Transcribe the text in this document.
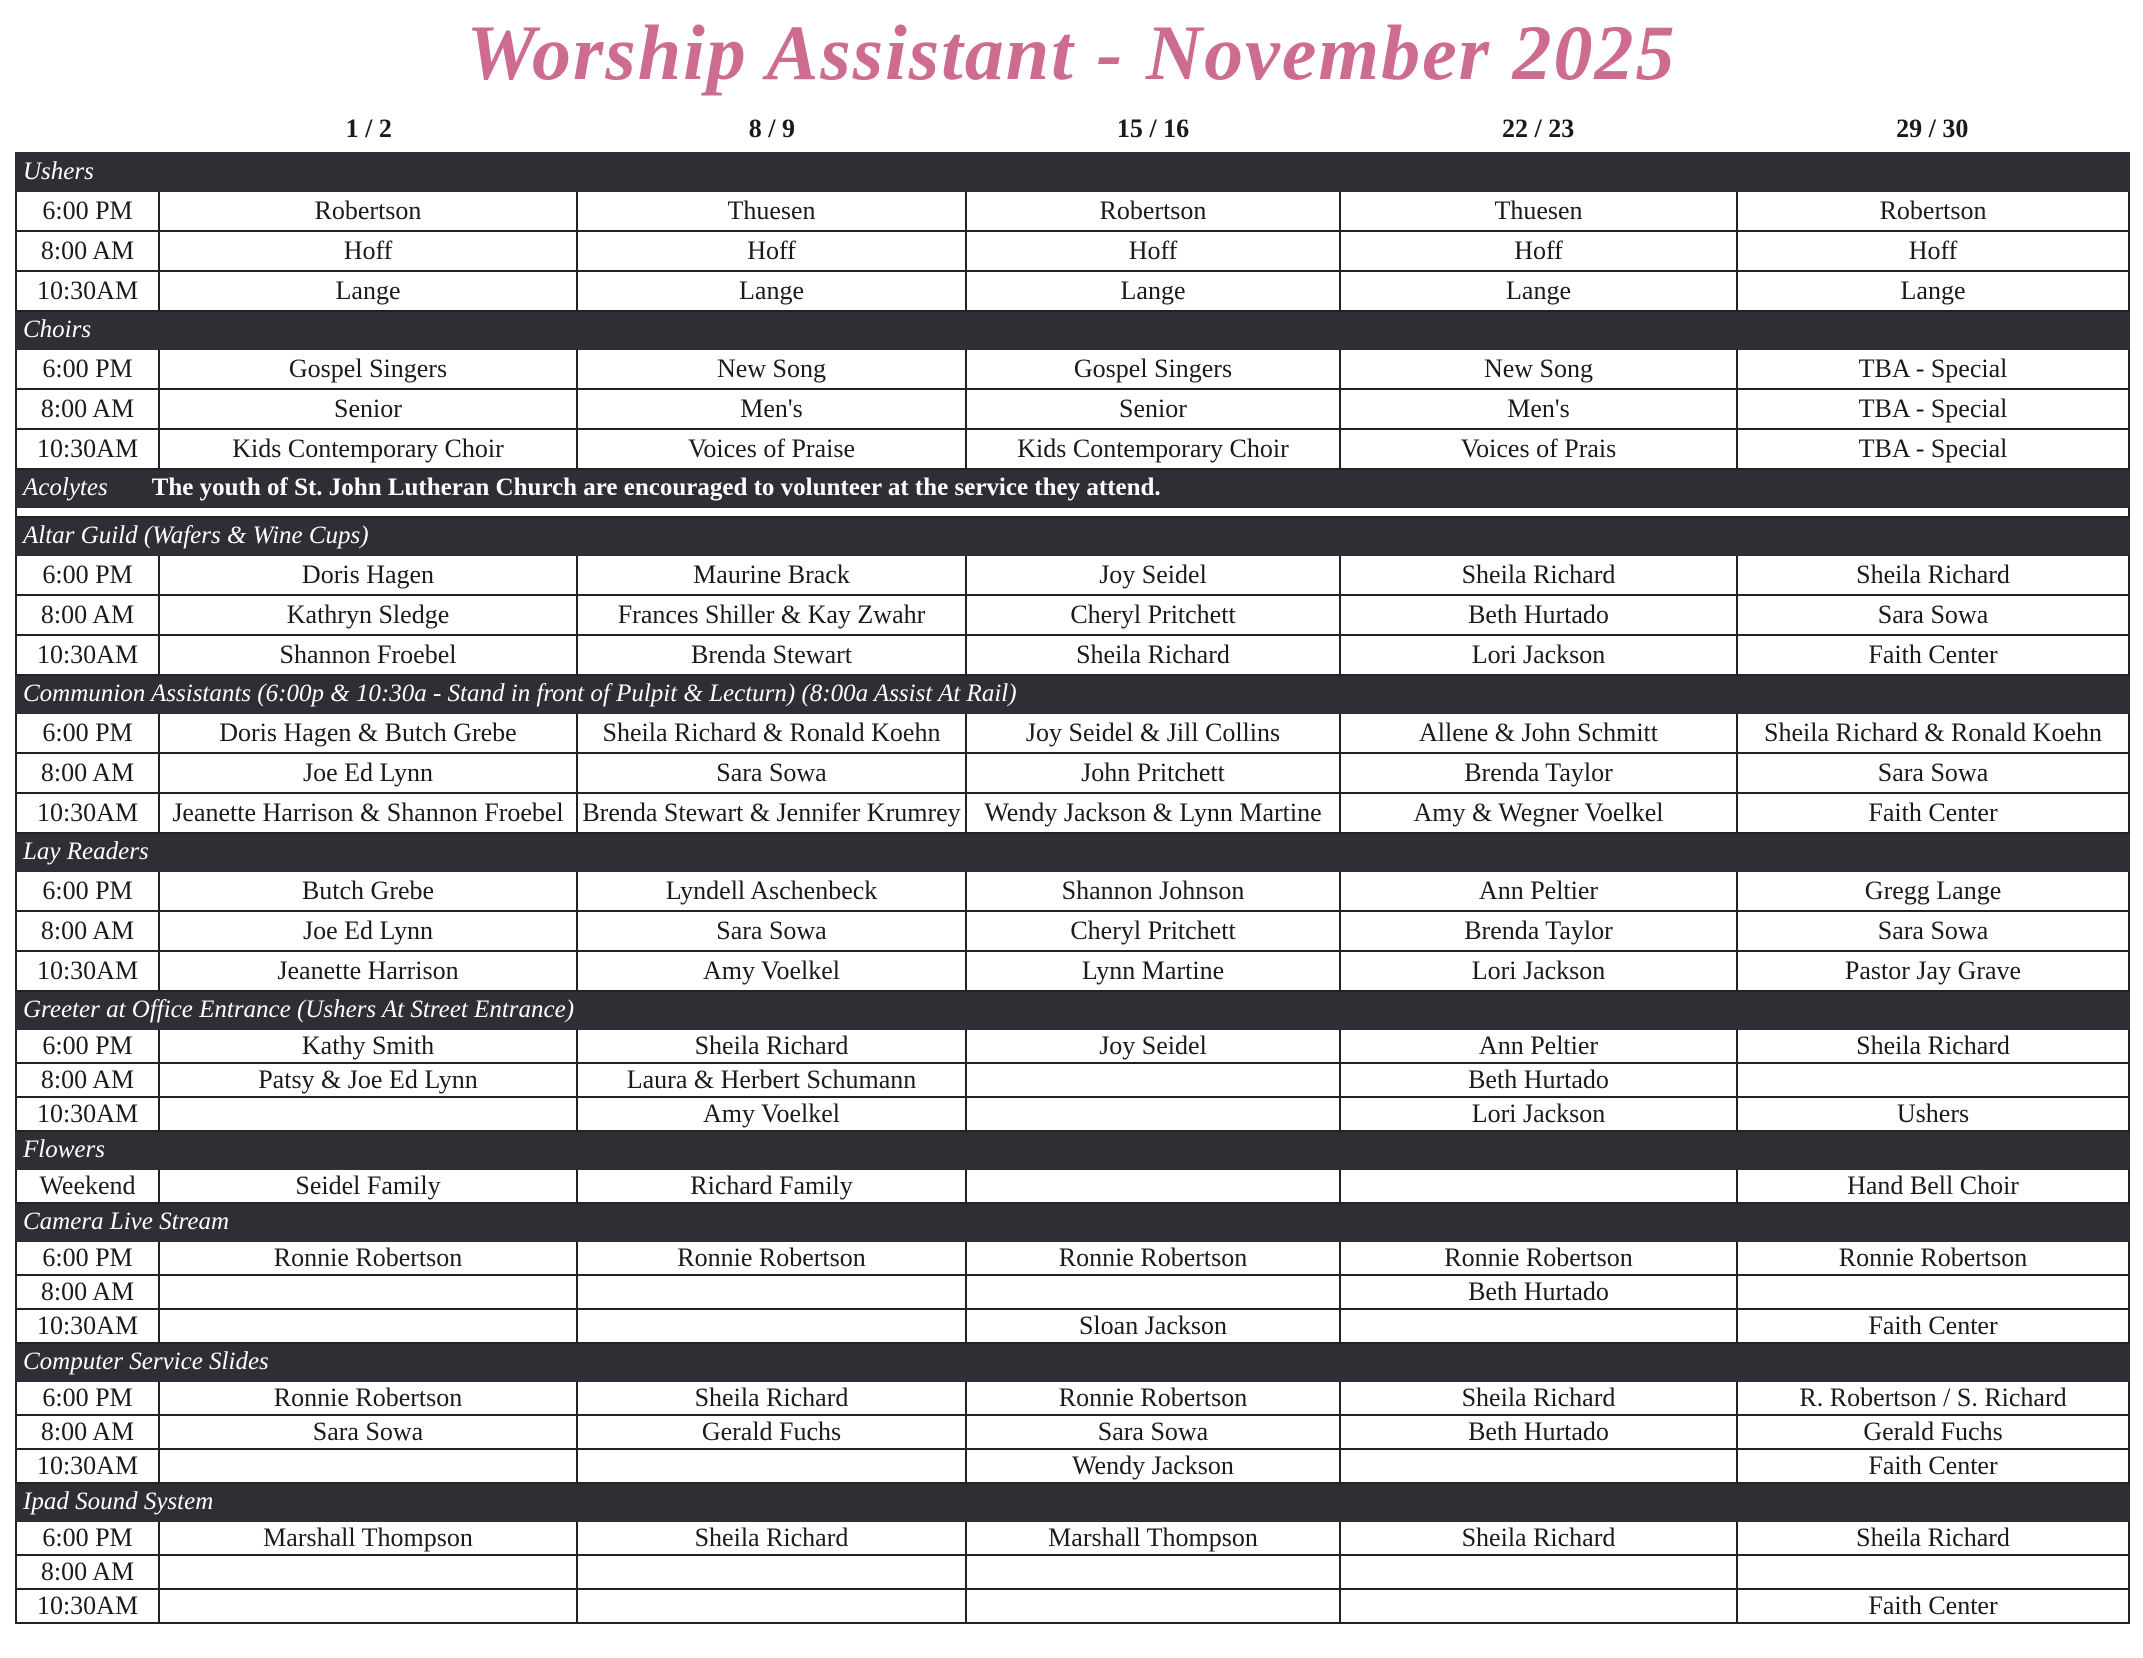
Worship Assistant - November 2025
1 / 2	8 / 9	15 / 16	22 / 23	29 / 30
Ushers					
6:00 PM	Robertson	Thuesen	Robertson	Thuesen	Robertson
8:00 AM	Hoff	Hoff	Hoff	Hoff	Hoff
10:30AM	Lange	Lange	Lange	Lange	Lange
Choirs					
6:00 PM	Gospel Singers	New Song	Gospel Singers	New Song	TBA - Special
8:00 AM	Senior	Men's	Senior	Men's	TBA - Special
10:30AM	Kids Contemporary Choir	Voices of Praise	Kids Contemporary Choir	Voices of Prais	TBA - Special
Acolytes The youth of St. John Lutheran Church are encouraged to volunteer at the service they attend.					

Altar Guild (Wafers & Wine Cups)					
6:00 PM	Doris Hagen	Maurine Brack	Joy Seidel	Sheila Richard	Sheila Richard
8:00 AM	Kathryn Sledge	Frances Shiller & Kay Zwahr	Cheryl Pritchett	Beth Hurtado	Sara Sowa
10:30AM	Shannon Froebel	Brenda Stewart	Sheila Richard	Lori Jackson	Faith Center
Communion Assistants (6:00p & 10:30a - Stand in front of Pulpit & Lecturn) (8:00a Assist At Rail)					
6:00 PM	Doris Hagen & Butch Grebe	Sheila Richard & Ronald Koehn	Joy Seidel & Jill Collins	Allene & John Schmitt	Sheila Richard & Ronald Koehn
8:00 AM	Joe Ed Lynn	Sara Sowa	John Pritchett	Brenda Taylor	Sara Sowa
10:30AM	Jeanette Harrison & Shannon Froebel	Brenda Stewart & Jennifer Krumrey	Wendy Jackson & Lynn Martine	Amy & Wegner Voelkel	Faith Center
Lay Readers					
6:00 PM	Butch Grebe	Lyndell Aschenbeck	Shannon Johnson	Ann Peltier	Gregg Lange
8:00 AM	Joe Ed Lynn	Sara Sowa	Cheryl Pritchett	Brenda Taylor	Sara Sowa
10:30AM	Jeanette Harrison	Amy Voelkel	Lynn Martine	Lori Jackson	Pastor Jay Grave
Greeter at Office Entrance (Ushers At Street Entrance)					
6:00 PM	Kathy Smith	Sheila Richard	Joy Seidel	Ann Peltier	Sheila Richard
8:00 AM	Patsy & Joe Ed Lynn	Laura & Herbert Schumann		Beth Hurtado	
10:30AM		Amy Voelkel		Lori Jackson	Ushers
Flowers					
Weekend	Seidel Family	Richard Family			Hand Bell Choir
Camera Live Stream					
6:00 PM	Ronnie Robertson	Ronnie Robertson	Ronnie Robertson	Ronnie Robertson	Ronnie Robertson
8:00 AM				Beth Hurtado	
10:30AM			Sloan Jackson		Faith Center
Computer Service Slides					
6:00 PM	Ronnie Robertson	Sheila Richard	Ronnie Robertson	Sheila Richard	R. Robertson / S. Richard
8:00 AM	Sara Sowa	Gerald Fuchs	Sara Sowa	Beth Hurtado	Gerald Fuchs
10:30AM			Wendy Jackson		Faith Center
Ipad Sound System					
6:00 PM	Marshall Thompson	Sheila Richard	Marshall Thompson	Sheila Richard	Sheila Richard
8:00 AM					
10:30AM					Faith Center
